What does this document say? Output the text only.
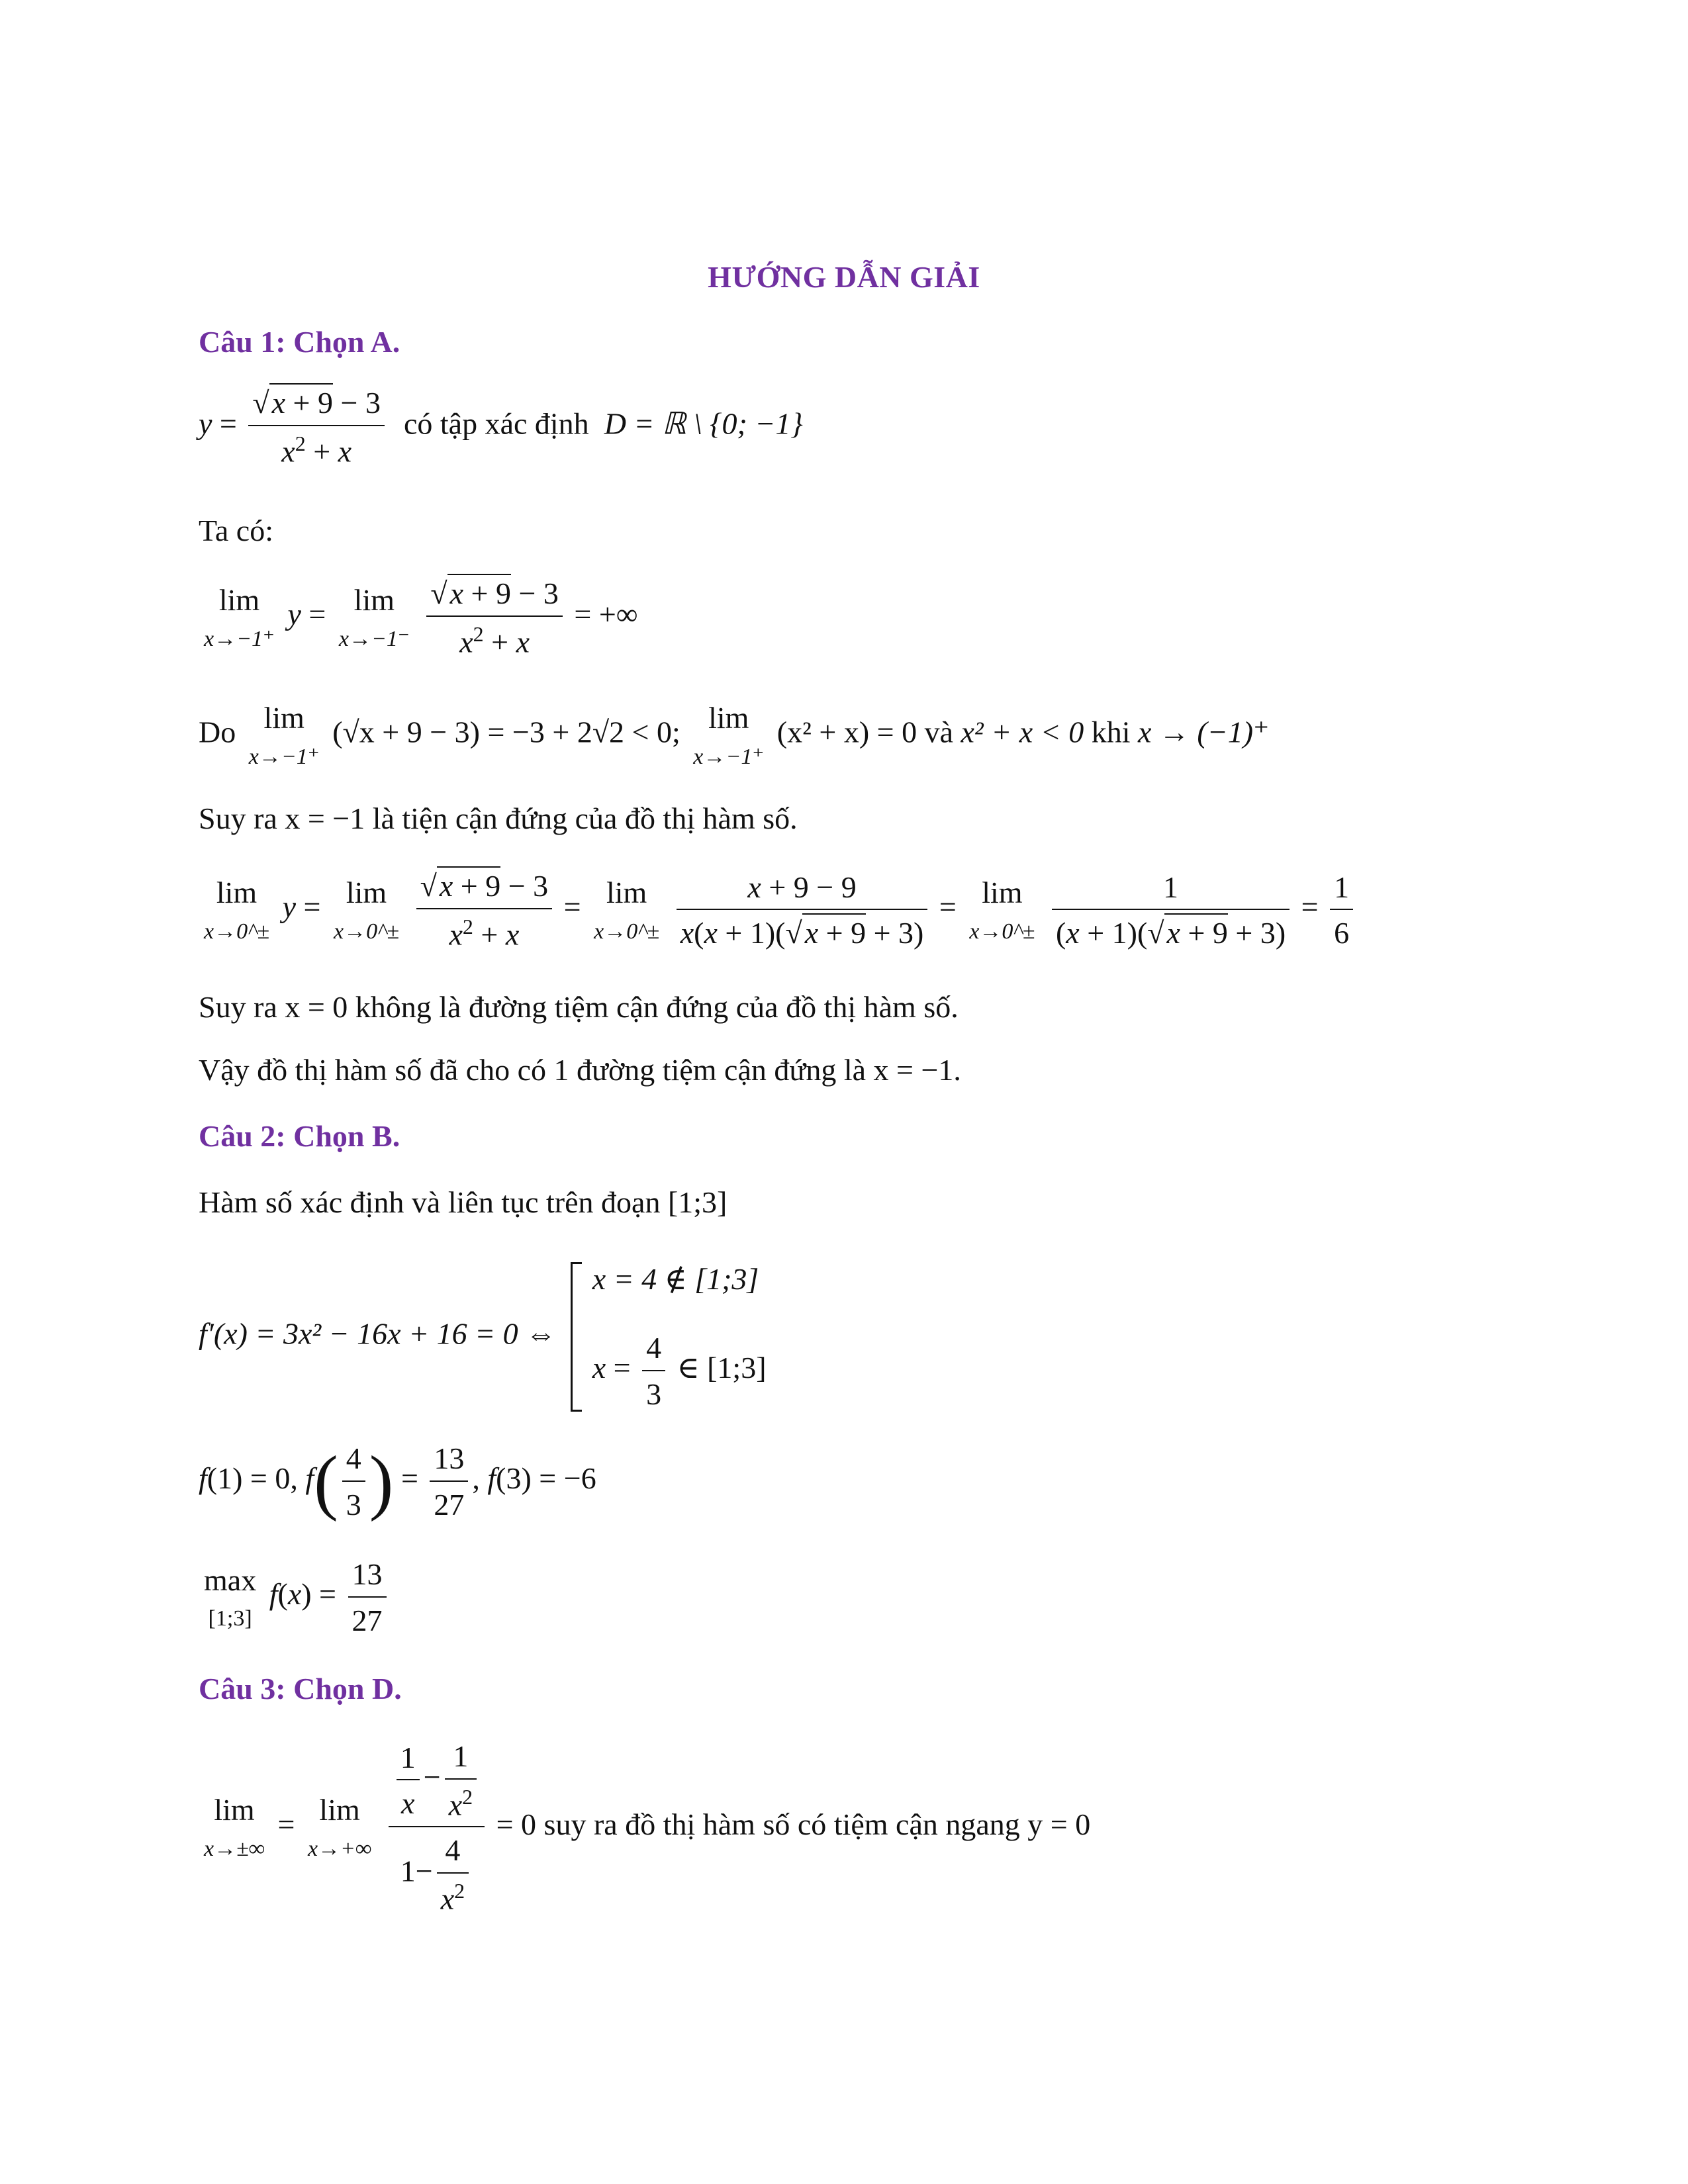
HƯỚNG DẪN GIẢI
Câu 1: Chọn A.
$y = \frac{√x + 9 - 3}{x^2 + x}$ có tập xác định D = ℝ \ {0; −1}
Ta có:
lim
x→−1⁺
y = lim
x→−1⁻
$\frac{√x + 9 - 3}{x^2 + x}$ = +∞
Do lim
x→−1⁺
(√x + 9 − 3) = −3 + 2√2 < 0; lim
x→−1⁺
(x² + x) = 0 và x² + x < 0 khi x → (−1)⁺
Suy ra x = −1 là tiện cận đứng của đồ thị hàm số.
lim
x→0^±
y = lim
x→0^±
$\frac{√x + 9 - 3}{x^2 + x} = \lim$
x→0^±
$\frac{x + 9 - 9}{x(x + 1)(√x + 9 + 3)} = \lim$
x→0^±
$\frac{1}{(x + 1)(√x + 9 + 3)} = \frac{1}{6}$
Suy ra x = 0 không là đường tiệm cận đứng của đồ thị hàm số.
Vậy đồ thị hàm số đã cho có 1 đường tiệm cận đứng là x = −1.
Câu 2: Chọn B.
Hàm số xác định và liên tục trên đoạn [1;3]
f′(x) = 3x² − 16x + 16 = 0 ⇔
x = 4 ∉ [1;3]
$x = \frac{4}{3}$ ∈ [1;3]
f(1) = 0, $f( \frac{4}{3}$ ) = $\frac{13}{27}$ , f(3) = −6
max
[1;3]
$f(x) = \frac{13}{27}$
Câu 3: Chọn D.
lim
x→±∞
= lim
x→+∞
$\frac{\frac{1}{x} - \frac{1}{x^2}}{1- \frac{4}{x^2}} = 0$ suy ra đồ thị hàm số có tiệm cận ngang y = 0
